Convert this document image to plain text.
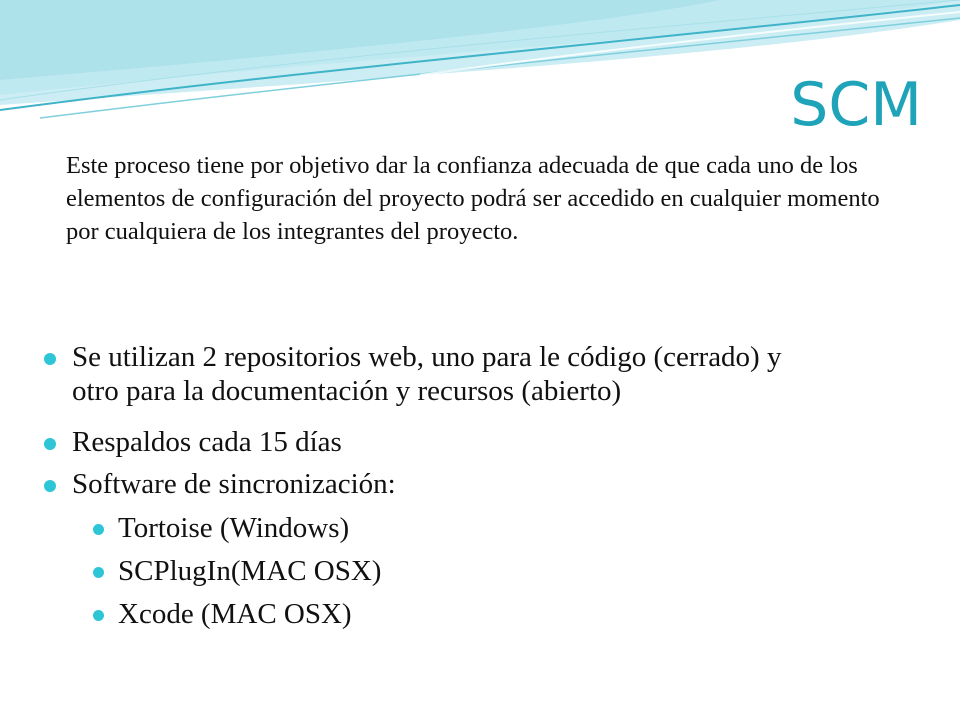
SCM

Este proceso tiene por objetivo dar la confianza adecuada de que cada uno de los elementos de configuración del proyecto podrá ser accedido en cualquier momento por cualquiera de los integrantes del proyecto.

Se utilizan 2 repositorios web, uno para le código (cerrado) y otro para la documentación y recursos (abierto)
Respaldos cada 15 días
Software de sincronización:
Tortoise (Windows)
SCPlugIn(MAC OSX)
Xcode (MAC OSX)
